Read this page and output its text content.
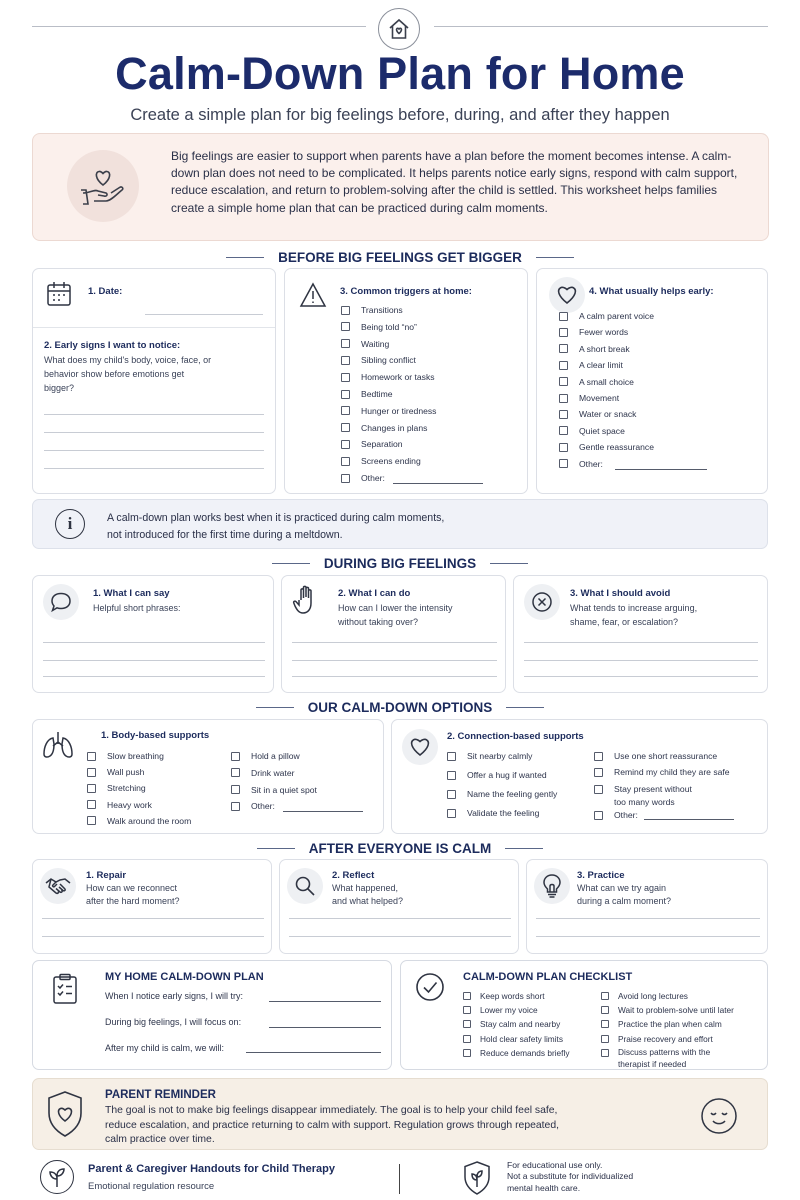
Calm-Down Plan for Home
Create a simple plan for big feelings before, during, and after they happen
Big feelings are easier to support when parents have a plan before the moment becomes intense. A calm-down plan does not need to be complicated. It helps parents notice early signs, respond with calm support, reduce escalation, and return to problem-solving after the child is settled. This worksheet helps families create a simple home plan that can be practiced during calm moments.
BEFORE BIG FEELINGS GET BIGGER
1. Date:
2. Early signs I want to notice:
What does my child's body, voice, face, or behavior show before emotions get bigger?
3. Common triggers at home:
Transitions
Being told “no”
Waiting
Sibling conflict
Homework or tasks
Bedtime
Hunger or tiredness
Changes in plans
Separation
Screens ending
Other:
4. What usually helps early:
A calm parent voice
Fewer words
A short break
A clear limit
A small choice
Movement
Water or snack
Quiet space
Gentle reassurance
Other:
i	A calm-down plan works best when it is practiced during calm moments,
not introduced for the first time during a meltdown.
DURING BIG FEELINGS
1. What I can say
Helpful short phrases:
2. What I can do
How can I lower the intensity
without taking over?
3. What I should avoid
What tends to increase arguing,
shame, fear, or escalation?
OUR CALM-DOWN OPTIONS
1. Body-based supports
Slow breathing
Wall push
Stretching
Heavy work
Walk around the room
Hold a pillow
Drink water
Sit in a quiet spot
Other:
2. Connection-based supports
Sit nearby calmly
Offer a hug if wanted
Name the feeling gently
Validate the feeling
Use one short reassurance
Remind my child they are safe
Stay present without
too many words
Other:
AFTER EVERYONE IS CALM
1. Repair
How can we reconnect
after the hard moment?
2. Reflect
What happened,
and what helped?
3. Practice
What can we try again
during a calm moment?
MY HOME CALM-DOWN PLAN
When I notice early signs, I will try:
During big feelings, I will focus on:
After my child is calm, we will:
CALM-DOWN PLAN CHECKLIST
Keep words short
Lower my voice
Stay calm and nearby
Hold clear safety limits
Reduce demands briefly
Avoid long lectures
Wait to problem-solve until later
Practice the plan when calm
Praise recovery and effort
Discuss patterns with the
therapist if needed
PARENT REMINDER
The goal is not to make big feelings disappear immediately. The goal is to help your child feel safe,
reduce escalation, and practice returning to calm with support. Regulation grows through repeated,
calm practice over time.
Parent & Caregiver Handouts for Child Therapy
Emotional regulation resource
For educational use only.
Not a substitute for individualized
mental health care.
